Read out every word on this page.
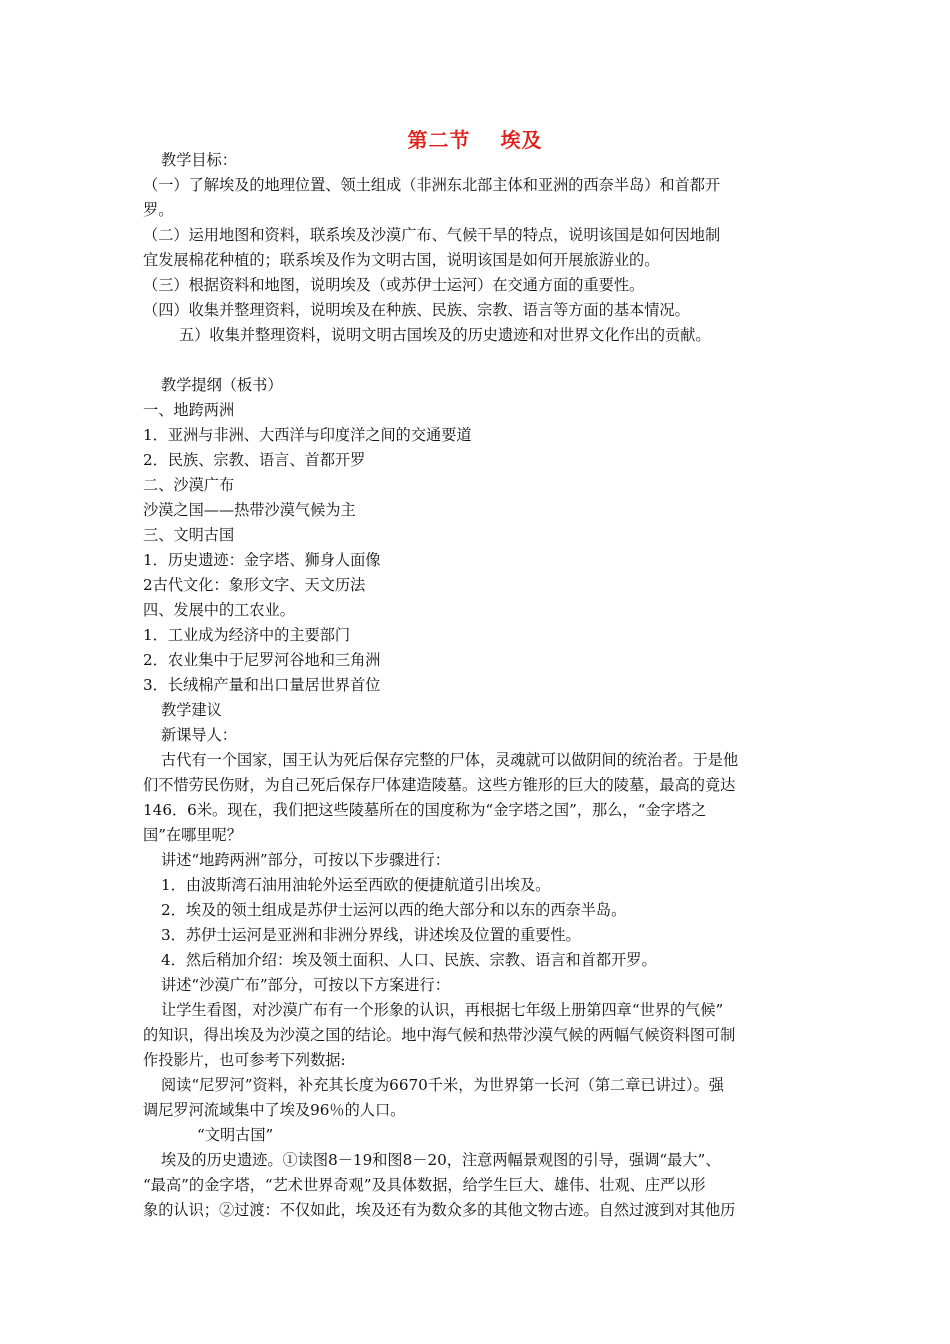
第二节 埃及
教学目标：
（一）了解埃及的地理位置、领土组成（非洲东北部主体和亚洲的西奈半岛）和首都开
罗。
（二）运用地图和资料，联系埃及沙漠广布、气候干旱的特点，说明该国是如何因地制
宜发展棉花种植的；联系埃及作为文明古国，说明该国是如何开展旅游业的。
（三）根据资料和地图，说明埃及（或苏伊士运河）在交通方面的重要性。
（四）收集并整理资料，说明埃及在种族、民族、宗教、语言等方面的基本情况。
五）收集并整理资料，说明文明古国埃及的历史遗迹和对世界文化作出的贡献。
教学提纲（板书）
一、地跨两洲
1．亚洲与非洲、大西洋与印度洋之间的交通要道
2．民族、宗教、语言、首都开罗
二、沙漠广布
沙漠之国——热带沙漠气候为主
三、文明古国
1．历史遗迹：金字塔、狮身人面像
2古代文化：象形文字、天文历法
四、发展中的工农业。
1．工业成为经济中的主要部门
2．农业集中于尼罗河谷地和三角洲
3．长绒棉产量和出口量居世界首位
教学建议
新课导人：
古代有一个国家，国王认为死后保存完整的尸体，灵魂就可以做阴间的统治者。于是他
们不惜劳民伤财，为自己死后保存尸体建造陵墓。这些方锥形的巨大的陵墓，最高的竟达
146．6米。现在，我们把这些陵墓所在的国度称为“金字塔之国”，那么，“金字塔之
国”在哪里呢？
讲述“地跨两洲”部分，可按以下步骤进行：
1．由波斯湾石油用油轮外运至西欧的便捷航道引出埃及。
2．埃及的领土组成是苏伊士运河以西的绝大部分和以东的西奈半岛。
3．苏伊士运河是亚洲和非洲分界线，讲述埃及位置的重要性。
4．然后稍加介绍：埃及领土面积、人口、民族、宗教、语言和首都开罗。
讲述“沙漠广布”部分，可按以下方案进行：
让学生看图，对沙漠广布有一个形象的认识，再根据七年级上册第四章“世界的气候”
的知识，得出埃及为沙漠之国的结论。地中海气候和热带沙漠气候的两幅气候资料图可制
作投影片，也可参考下列数据:
阅读“尼罗河”资料，补充其长度为6670千米，为世界第一长河（第二章已讲过）。强
调尼罗河流域集中了埃及96％的人口。
“文明古国”
埃及的历史遗迹。①读图8－19和图8－20，注意两幅景观图的引导，强调“最大”、
“最高”的金字塔，“艺术世界奇观”及具体数据，给学生巨大、雄伟、壮观、庄严以形
象的认识；②过渡：不仅如此，埃及还有为数众多的其他文物古迹。自然过渡到对其他历
